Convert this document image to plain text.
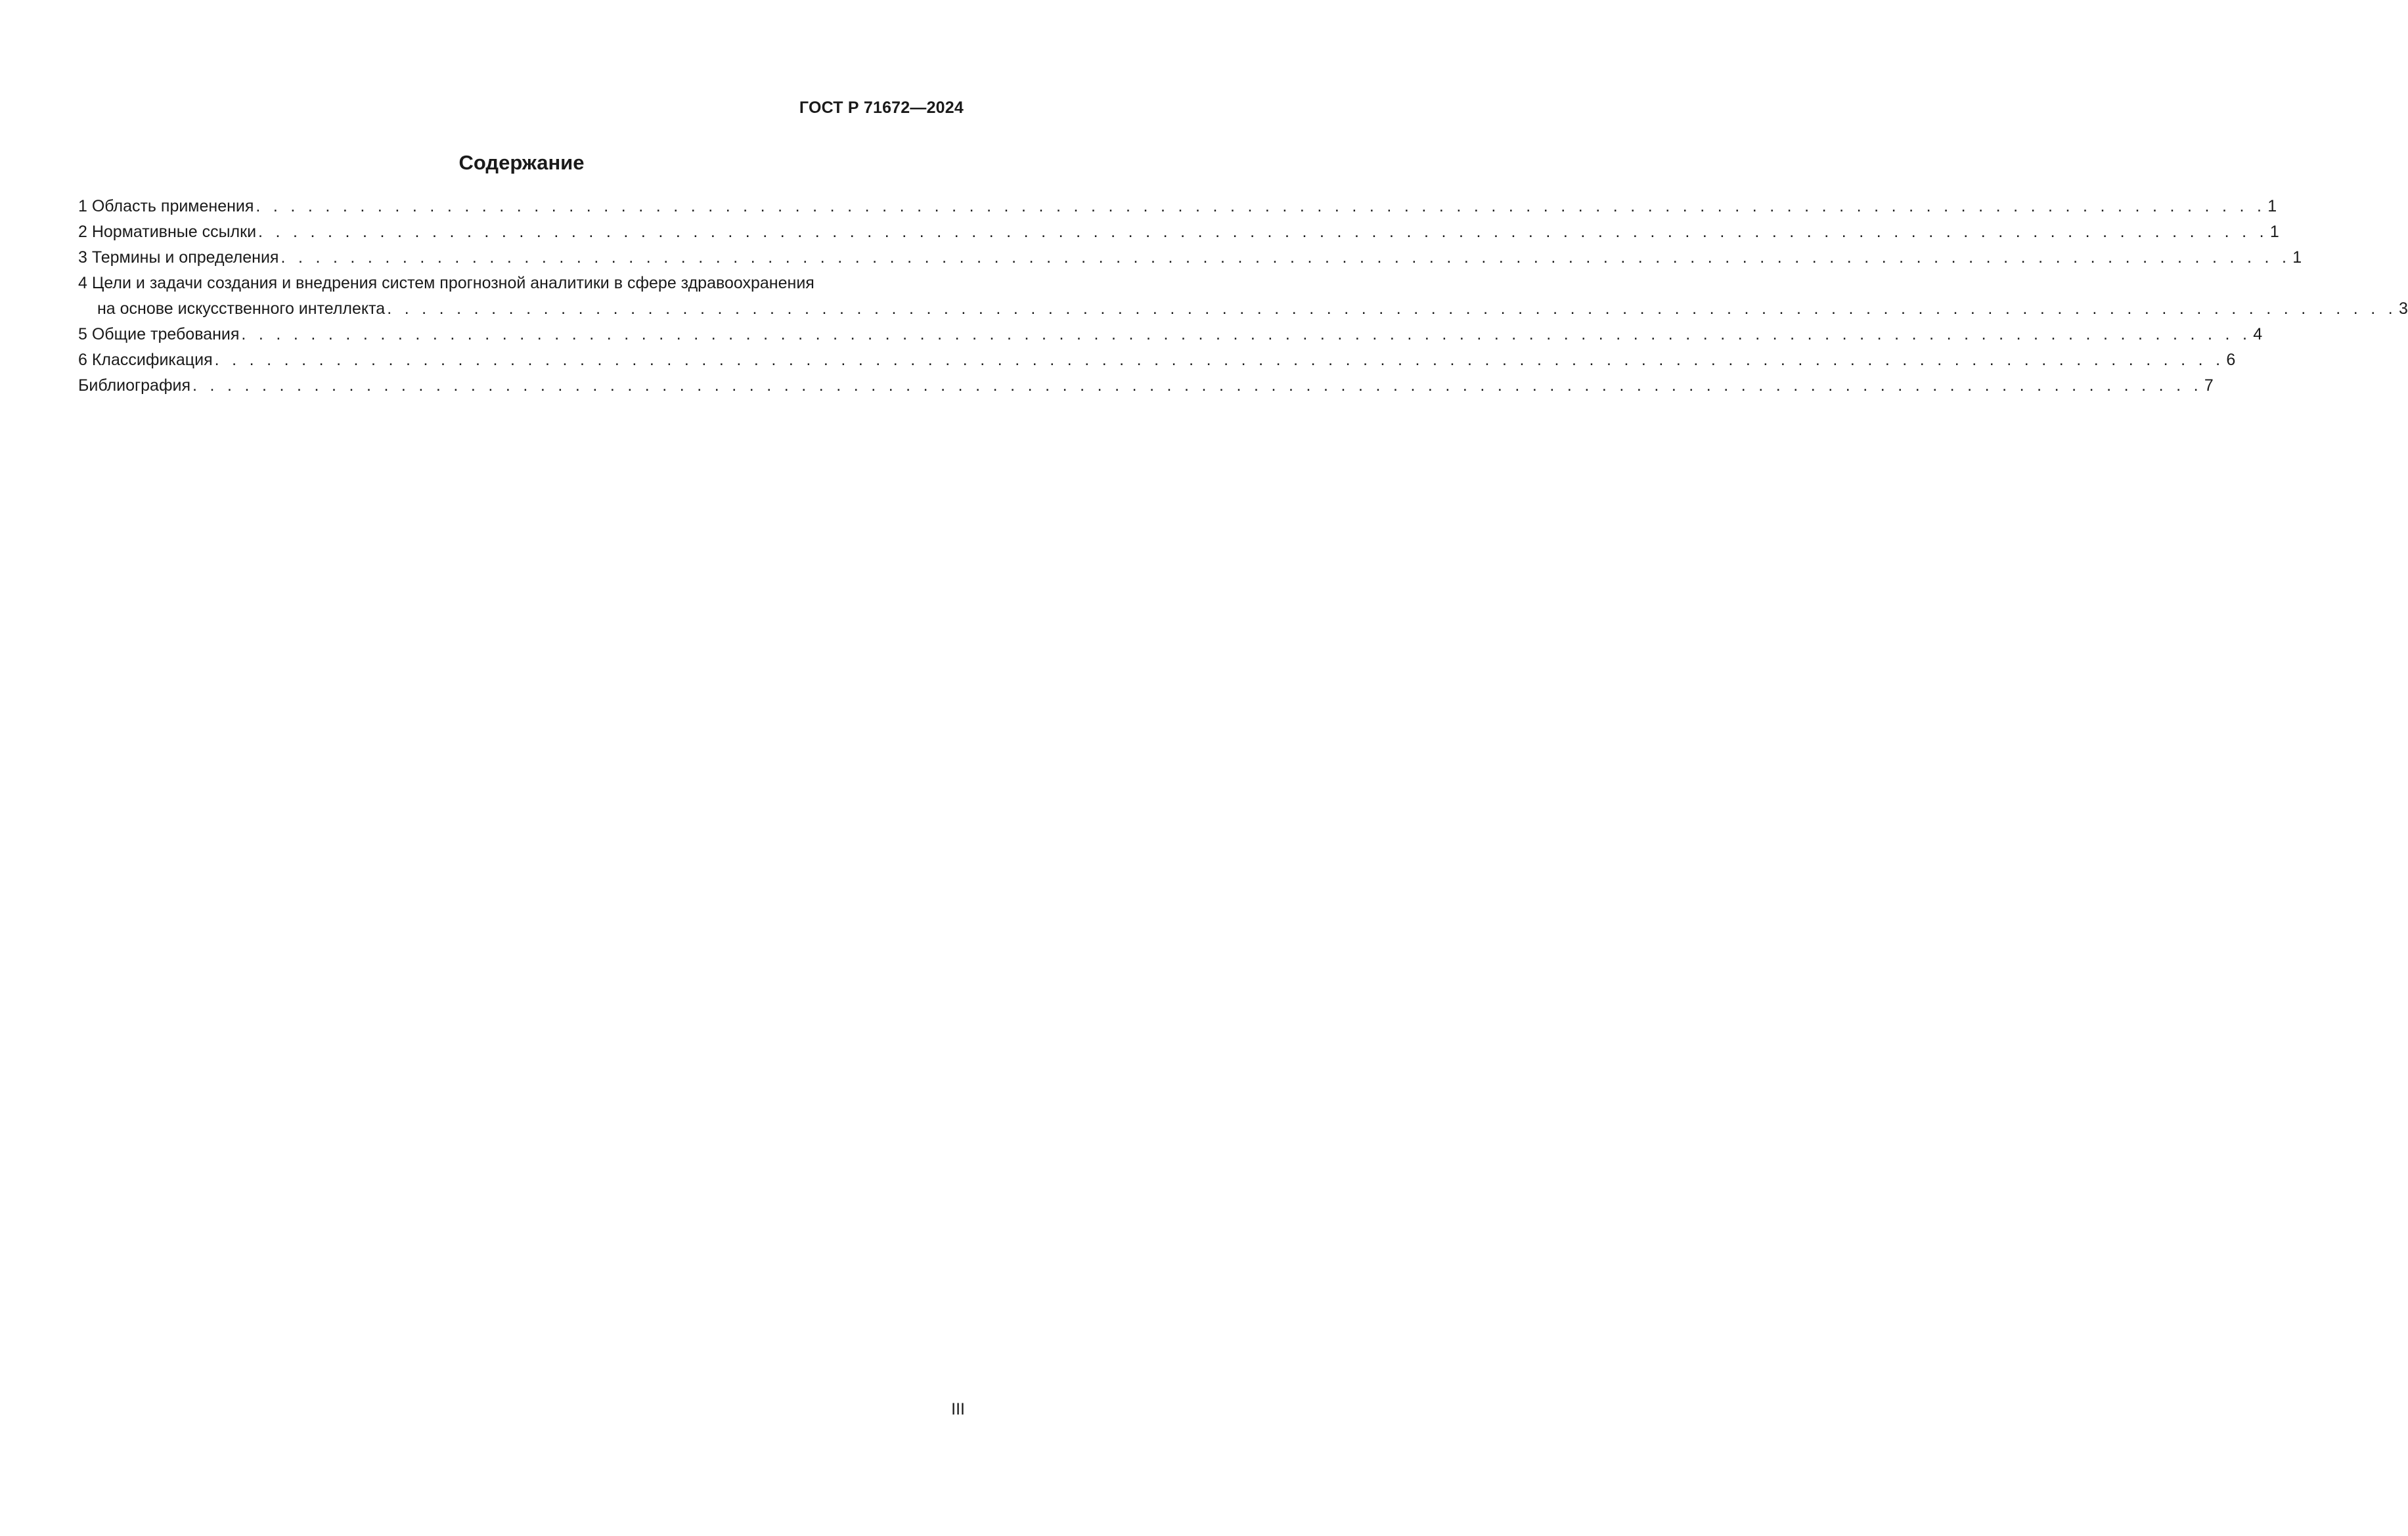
ГОСТ Р 71672—2024
Содержание
1 Область применения . . . . . . . . . . . . . . . . . . . . . . . . . . . . . . . . . . . . . . . . . . . . . . . . . . . . . . . . . . . . . . . . . . . . . . . . . . . . . . . . . . . . . . . . . . . . . . . . . . . . . . . . . . . . . . . . . . . . 1
2 Нормативные ссылки . . . . . . . . . . . . . . . . . . . . . . . . . . . . . . . . . . . . . . . . . . . . . . . . . . . . . . . . . . . . . . . . . . . . . . . . . . . . . . . . . . . . . . . . . . . . . . . . . . . . . . . . . . . . . . . . . . . . 1
3 Термины и определения . . . . . . . . . . . . . . . . . . . . . . . . . . . . . . . . . . . . . . . . . . . . . . . . . . . . . . . . . . . . . . . . . . . . . . . . . . . . . . . . . . . . . . . . . . . . . . . . . . . . . . . . . . . . . . . . . . . . 1
4 Цели и задачи создания и внедрения систем прогнозной аналитики в сфере здравоохранения
на основе искусственного интеллекта . . . . . . . . . . . . . . . . . . . . . . . . . . . . . . . . . . . . . . . . . . . . . . . . . . . . . . . . . . . . . . . . . . . . . . . . . . . . . . . . . . . . . . . . . . . . . . . . . . . . . . . . . . . . . . . . . . . . 3
5 Общие требования . . . . . . . . . . . . . . . . . . . . . . . . . . . . . . . . . . . . . . . . . . . . . . . . . . . . . . . . . . . . . . . . . . . . . . . . . . . . . . . . . . . . . . . . . . . . . . . . . . . . . . . . . . . . . . . . . . . . 4
6 Классификация . . . . . . . . . . . . . . . . . . . . . . . . . . . . . . . . . . . . . . . . . . . . . . . . . . . . . . . . . . . . . . . . . . . . . . . . . . . . . . . . . . . . . . . . . . . . . . . . . . . . . . . . . . . . . . . . . . . . 6
Библиография . . . . . . . . . . . . . . . . . . . . . . . . . . . . . . . . . . . . . . . . . . . . . . . . . . . . . . . . . . . . . . . . . . . . . . . . . . . . . . . . . . . . . . . . . . . . . . . . . . . . . . . . . . . . . . . . . . . . 7
III
